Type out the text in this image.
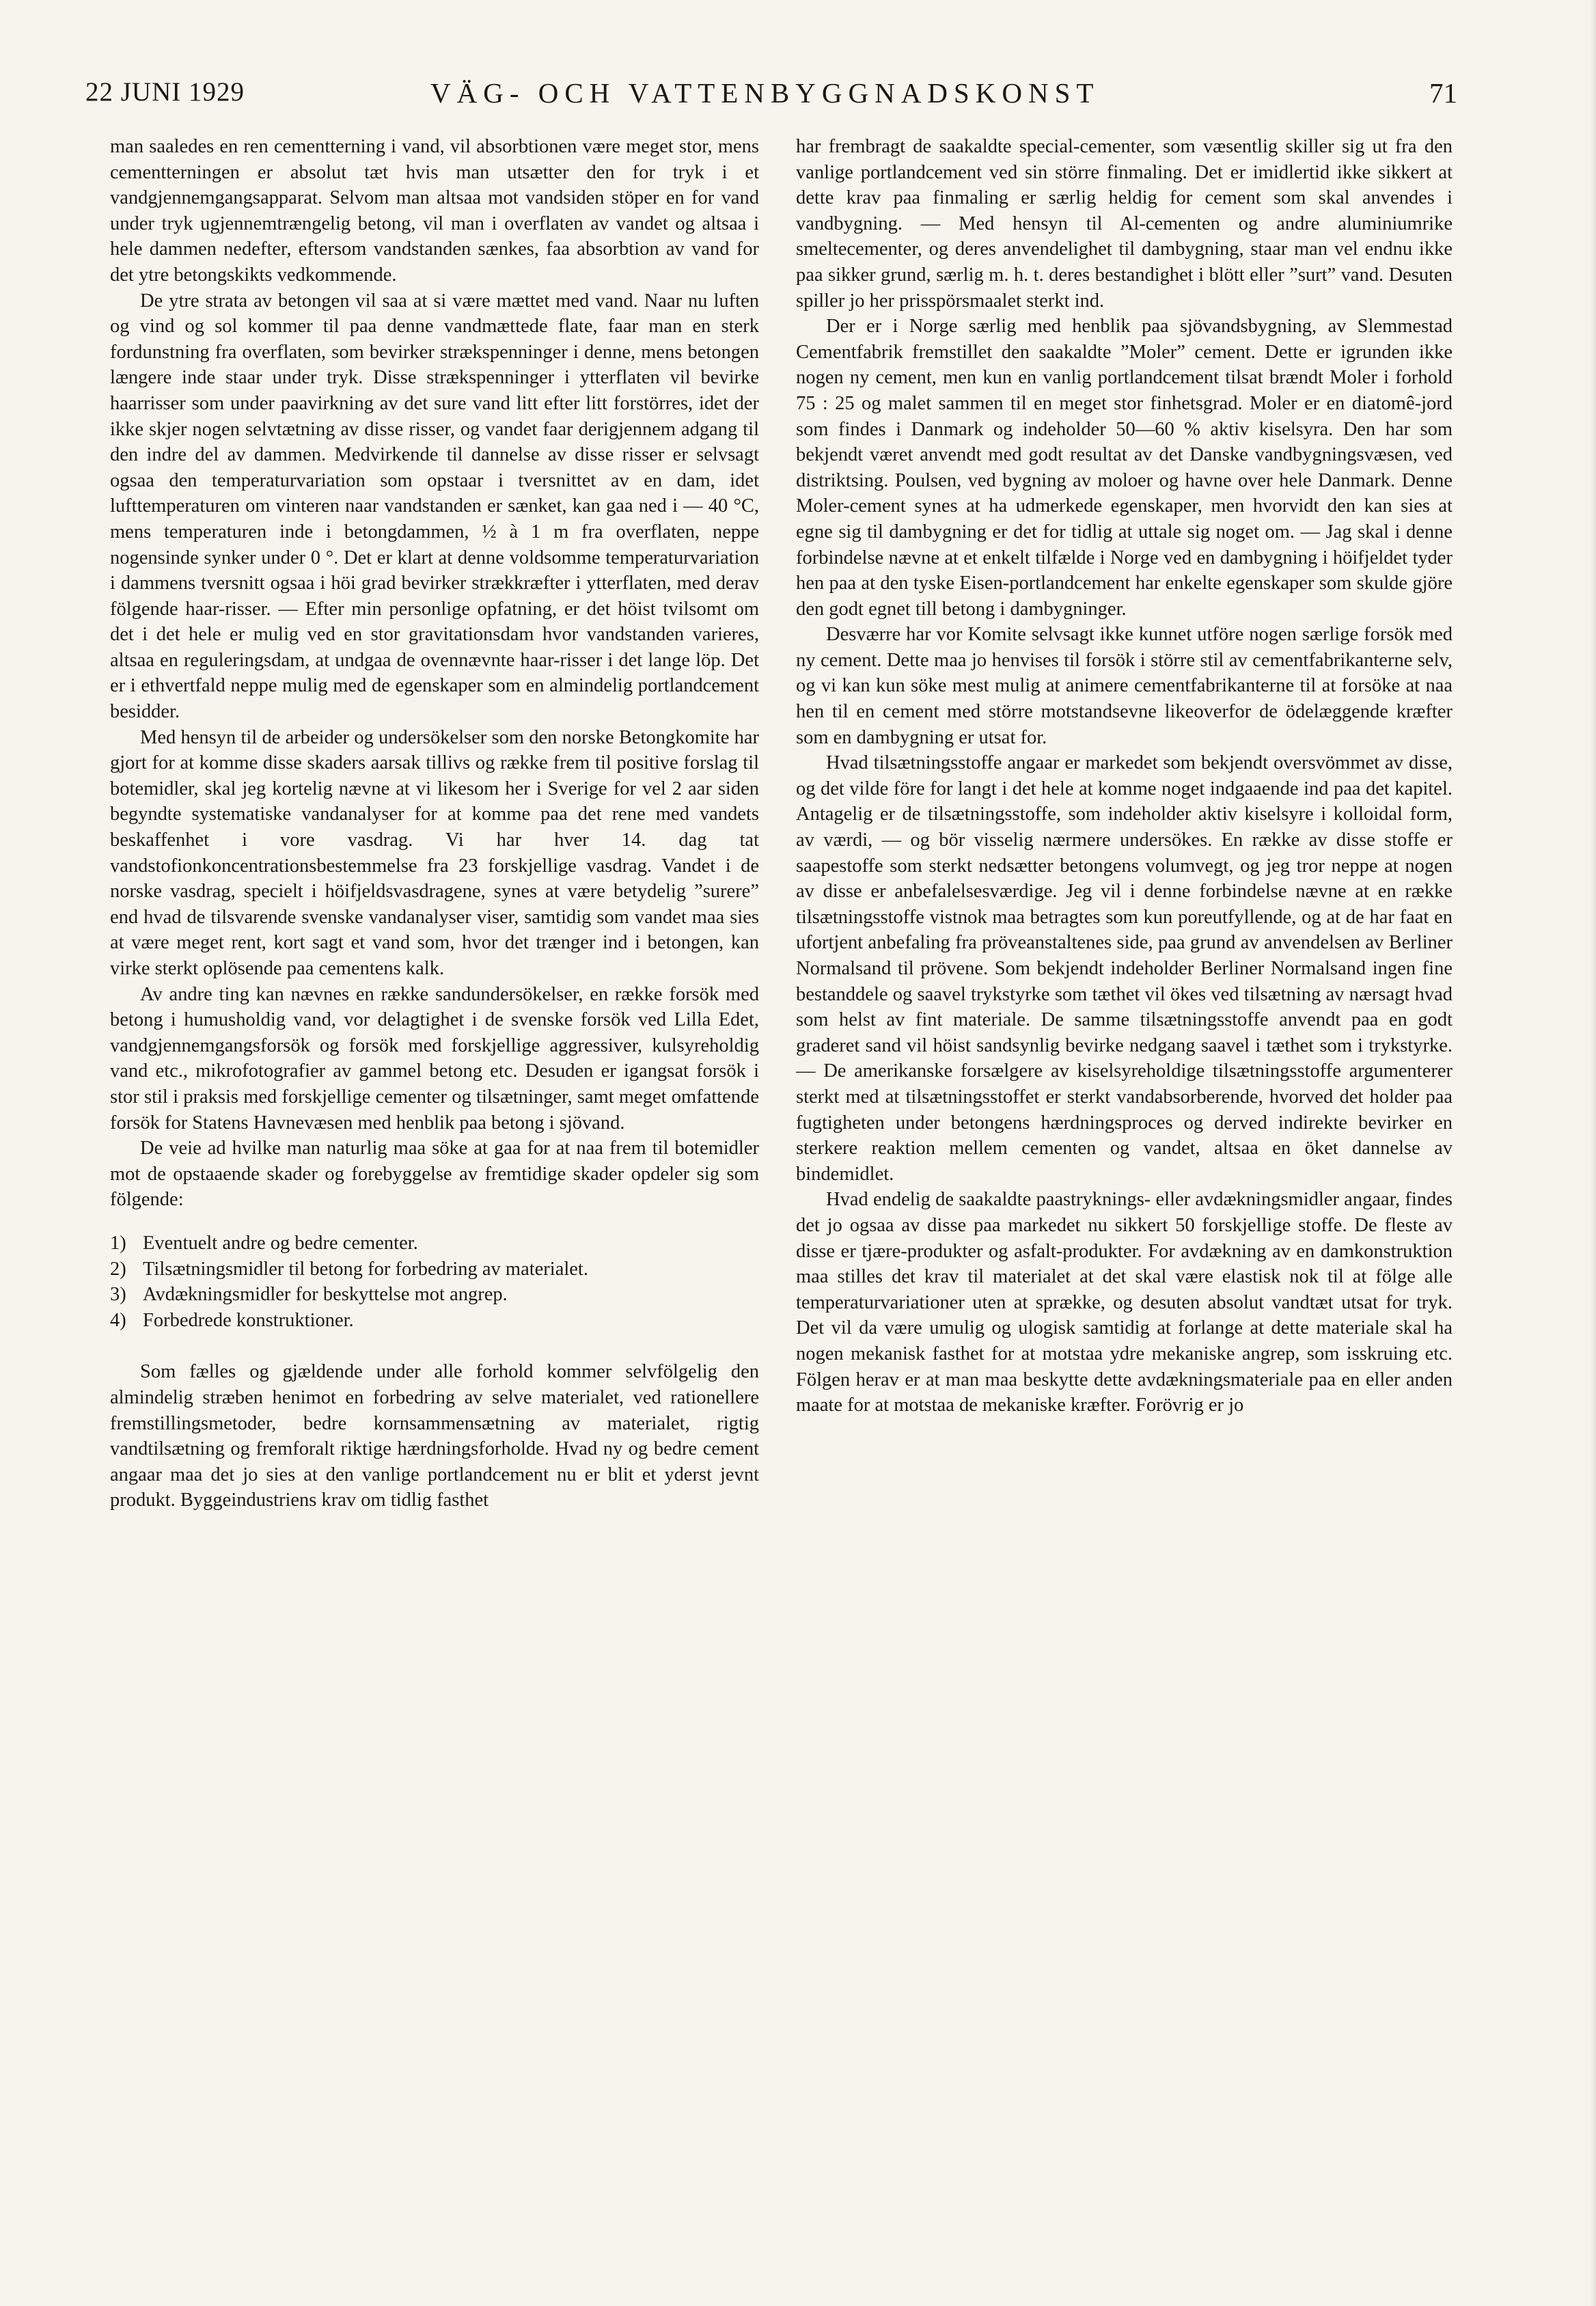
22 JUNI 1929	VÄG- OCH VATTENBYGGNADSKONST	71

man saaledes en ren cementterning i vand, vil absorbtionen være meget stor, mens cementterningen er absolut tæt hvis man utsætter den for tryk i et vandgjennemgangsapparat. Selvom man altsaa mot vandsiden stöper en for vand under tryk ugjennemtrængelig betong, vil man i overflaten av vandet og altsaa i hele dammen nedefter, eftersom vandstanden sænkes, faa absorbtion av vand for det ytre betongskikts vedkommende.

De ytre strata av betongen vil saa at si være mættet med vand. Naar nu luften og vind og sol kommer til paa denne vandmættede flate, faar man en sterk fordunstning fra overflaten, som bevirker strækspenninger i denne, mens betongen længere inde staar under tryk. Disse strækspenninger i ytterflaten vil bevirke haarrisser som under paavirkning av det sure vand litt efter litt forstörres, idet der ikke skjer nogen selvtætning av disse risser, og vandet faar derigjennem adgang til den indre del av dammen. Medvirkende til dannelse av disse risser er selvsagt ogsaa den temperaturvariation som opstaar i tversnittet av en dam, idet lufttemperaturen om vinteren naar vandstanden er sænket, kan gaa ned i — 40 °C, mens temperaturen inde i betongdammen, ½ à 1 m fra overflaten, neppe nogensinde synker under 0 °. Det er klart at denne voldsomme temperaturvariation i dammens tversnitt ogsaa i höi grad bevirker strækkræfter i ytterflaten, med derav fölgende haar-risser. — Efter min personlige opfatning, er det höist tvilsomt om det i det hele er mulig ved en stor gravitationsdam hvor vandstanden varieres, altsaa en reguleringsdam, at undgaa de ovennævnte haar-risser i det lange löp. Det er i ethvertfald neppe mulig med de egenskaper som en almindelig portlandcement besidder.

Med hensyn til de arbeider og undersökelser som den norske Betongkomite har gjort for at komme disse skaders aarsak tillivs og række frem til positive forslag til botemidler, skal jeg kortelig nævne at vi likesom her i Sverige for vel 2 aar siden begyndte systematiske vandanalyser for at komme paa det rene med vandets beskaffenhet i vore vasdrag. Vi har hver 14. dag tat vandstofionkoncentrationsbestemmelse fra 23 forskjellige vasdrag. Vandet i de norske vasdrag, specielt i höifjeldsvasdragene, synes at være betydelig ”surere” end hvad de tilsvarende svenske vandanalyser viser, samtidig som vandet maa sies at være meget rent, kort sagt et vand som, hvor det trænger ind i betongen, kan virke sterkt oplösende paa cementens kalk.

Av andre ting kan nævnes en række sandundersökelser, en række forsök med betong i humusholdig vand, vor delagtighet i de svenske forsök ved Lilla Edet, vandgjennemgangsforsök og forsök med forskjellige aggressiver, kulsyreholdig vand etc., mikrofotografier av gammel betong etc. Desuden er igangsat forsök i stor stil i praksis med forskjellige cementer og tilsætninger, samt meget omfattende forsök for Statens Havnevæsen med henblik paa betong i sjövand.

De veie ad hvilke man naturlig maa söke at gaa for at naa frem til botemidler mot de opstaaende skader og forebyggelse av fremtidige skader opdeler sig som fölgende:

1) Eventuelt andre og bedre cementer.
2) Tilsætningsmidler til betong for forbedring av materialet.
3) Avdækningsmidler for beskyttelse mot angrep.
4) Forbedrede konstruktioner.

Som fælles og gjældende under alle forhold kommer selvfölgelig den almindelig stræben henimot en forbedring av selve materialet, ved rationellere fremstillingsmetoder, bedre kornsammensætning av materialet, rigtig vandtilsætning og fremforalt riktige hærdningsforholde. Hvad ny og bedre cement angaar maa det jo sies at den vanlige portlandcement nu er blit et yderst jevnt produkt. Byggeindustriens krav om tidlig fasthet

har frembragt de saakaldte special-cementer, som væsentlig skiller sig ut fra den vanlige portlandcement ved sin större finmaling. Det er imidlertid ikke sikkert at dette krav paa finmaling er særlig heldig for cement som skal anvendes i vandbygning. — Med hensyn til Al-cementen og andre aluminiumrike smeltecementer, og deres anvendelighet til dambygning, staar man vel endnu ikke paa sikker grund, særlig m. h. t. deres bestandighet i blött eller ”surt” vand. Desuten spiller jo her prisspörsmaalet sterkt ind.

Der er i Norge særlig med henblik paa sjövandsbygning, av Slemmestad Cementfabrik fremstillet den saakaldte ”Moler” cement. Dette er igrunden ikke nogen ny cement, men kun en vanlig portlandcement tilsat brændt Moler i forhold 75 : 25 og malet sammen til en meget stor finhetsgrad. Moler er en diatomê-jord som findes i Danmark og indeholder 50—60 % aktiv kiselsyra. Den har som bekjendt været anvendt med godt resultat av det Danske vandbygningsvæsen, ved distriktsing. Poulsen, ved bygning av moloer og havne over hele Danmark. Denne Moler-cement synes at ha udmerkede egenskaper, men hvorvidt den kan sies at egne sig til dambygning er det for tidlig at uttale sig noget om. — Jag skal i denne forbindelse nævne at et enkelt tilfælde i Norge ved en dambygning i höifjeldet tyder hen paa at den tyske Eisen-portlandcement har enkelte egenskaper som skulde gjöre den godt egnet till betong i dambygninger.

Desværre har vor Komite selvsagt ikke kunnet utföre nogen særlige forsök med ny cement. Dette maa jo henvises til forsök i större stil av cementfabrikanterne selv, og vi kan kun söke mest mulig at animere cementfabrikanterne til at forsöke at naa hen til en cement med större motstandsevne likeoverfor de ödelæggende kræfter som en dambygning er utsat for.

Hvad tilsætningsstoffe angaar er markedet som bekjendt oversvömmet av disse, og det vilde före for langt i det hele at komme noget indgaaende ind paa det kapitel. Antagelig er de tilsætningsstoffe, som indeholder aktiv kiselsyre i kolloidal form, av værdi, — og bör visselig nærmere undersökes. En række av disse stoffe er saapestoffe som sterkt nedsætter betongens volumvegt, og jeg tror neppe at nogen av disse er anbefalelsesværdige. Jeg vil i denne forbindelse nævne at en række tilsætningsstoffe vistnok maa betragtes som kun poreutfyllende, og at de har faat en ufortjent anbefaling fra pröveanstaltenes side, paa grund av anvendelsen av Berliner Normalsand til prövene. Som bekjendt indeholder Berliner Normalsand ingen fine bestanddele og saavel trykstyrke som tæthet vil ökes ved tilsætning av nærsagt hvad som helst av fint materiale. De samme tilsætningsstoffe anvendt paa en godt graderet sand vil höist sandsynlig bevirke nedgang saavel i tæthet som i trykstyrke. — De amerikanske forsælgere av kiselsyreholdige tilsætningsstoffe argumenterer sterkt med at tilsætningsstoffet er sterkt vandabsorberende, hvorved det holder paa fugtigheten under betongens hærdningsproces og derved indirekte bevirker en sterkere reaktion mellem cementen og vandet, altsaa en öket dannelse av bindemidlet.

Hvad endelig de saakaldte paastryknings- eller avdækningsmidler angaar, findes det jo ogsaa av disse paa markedet nu sikkert 50 forskjellige stoffe. De fleste av disse er tjære-produkter og asfalt-produkter. For avdækning av en damkonstruktion maa stilles det krav til materialet at det skal være elastisk nok til at fölge alle temperaturvariationer uten at sprække, og desuten absolut vandtæt utsat for tryk. Det vil da være umulig og ulogisk samtidig at forlange at dette materiale skal ha nogen mekanisk fasthet for at motstaa ydre mekaniske angrep, som isskruing etc. Fölgen herav er at man maa beskytte dette avdækningsmateriale paa en eller anden maate for at motstaa de mekaniske kræfter. Forövrig er jo
